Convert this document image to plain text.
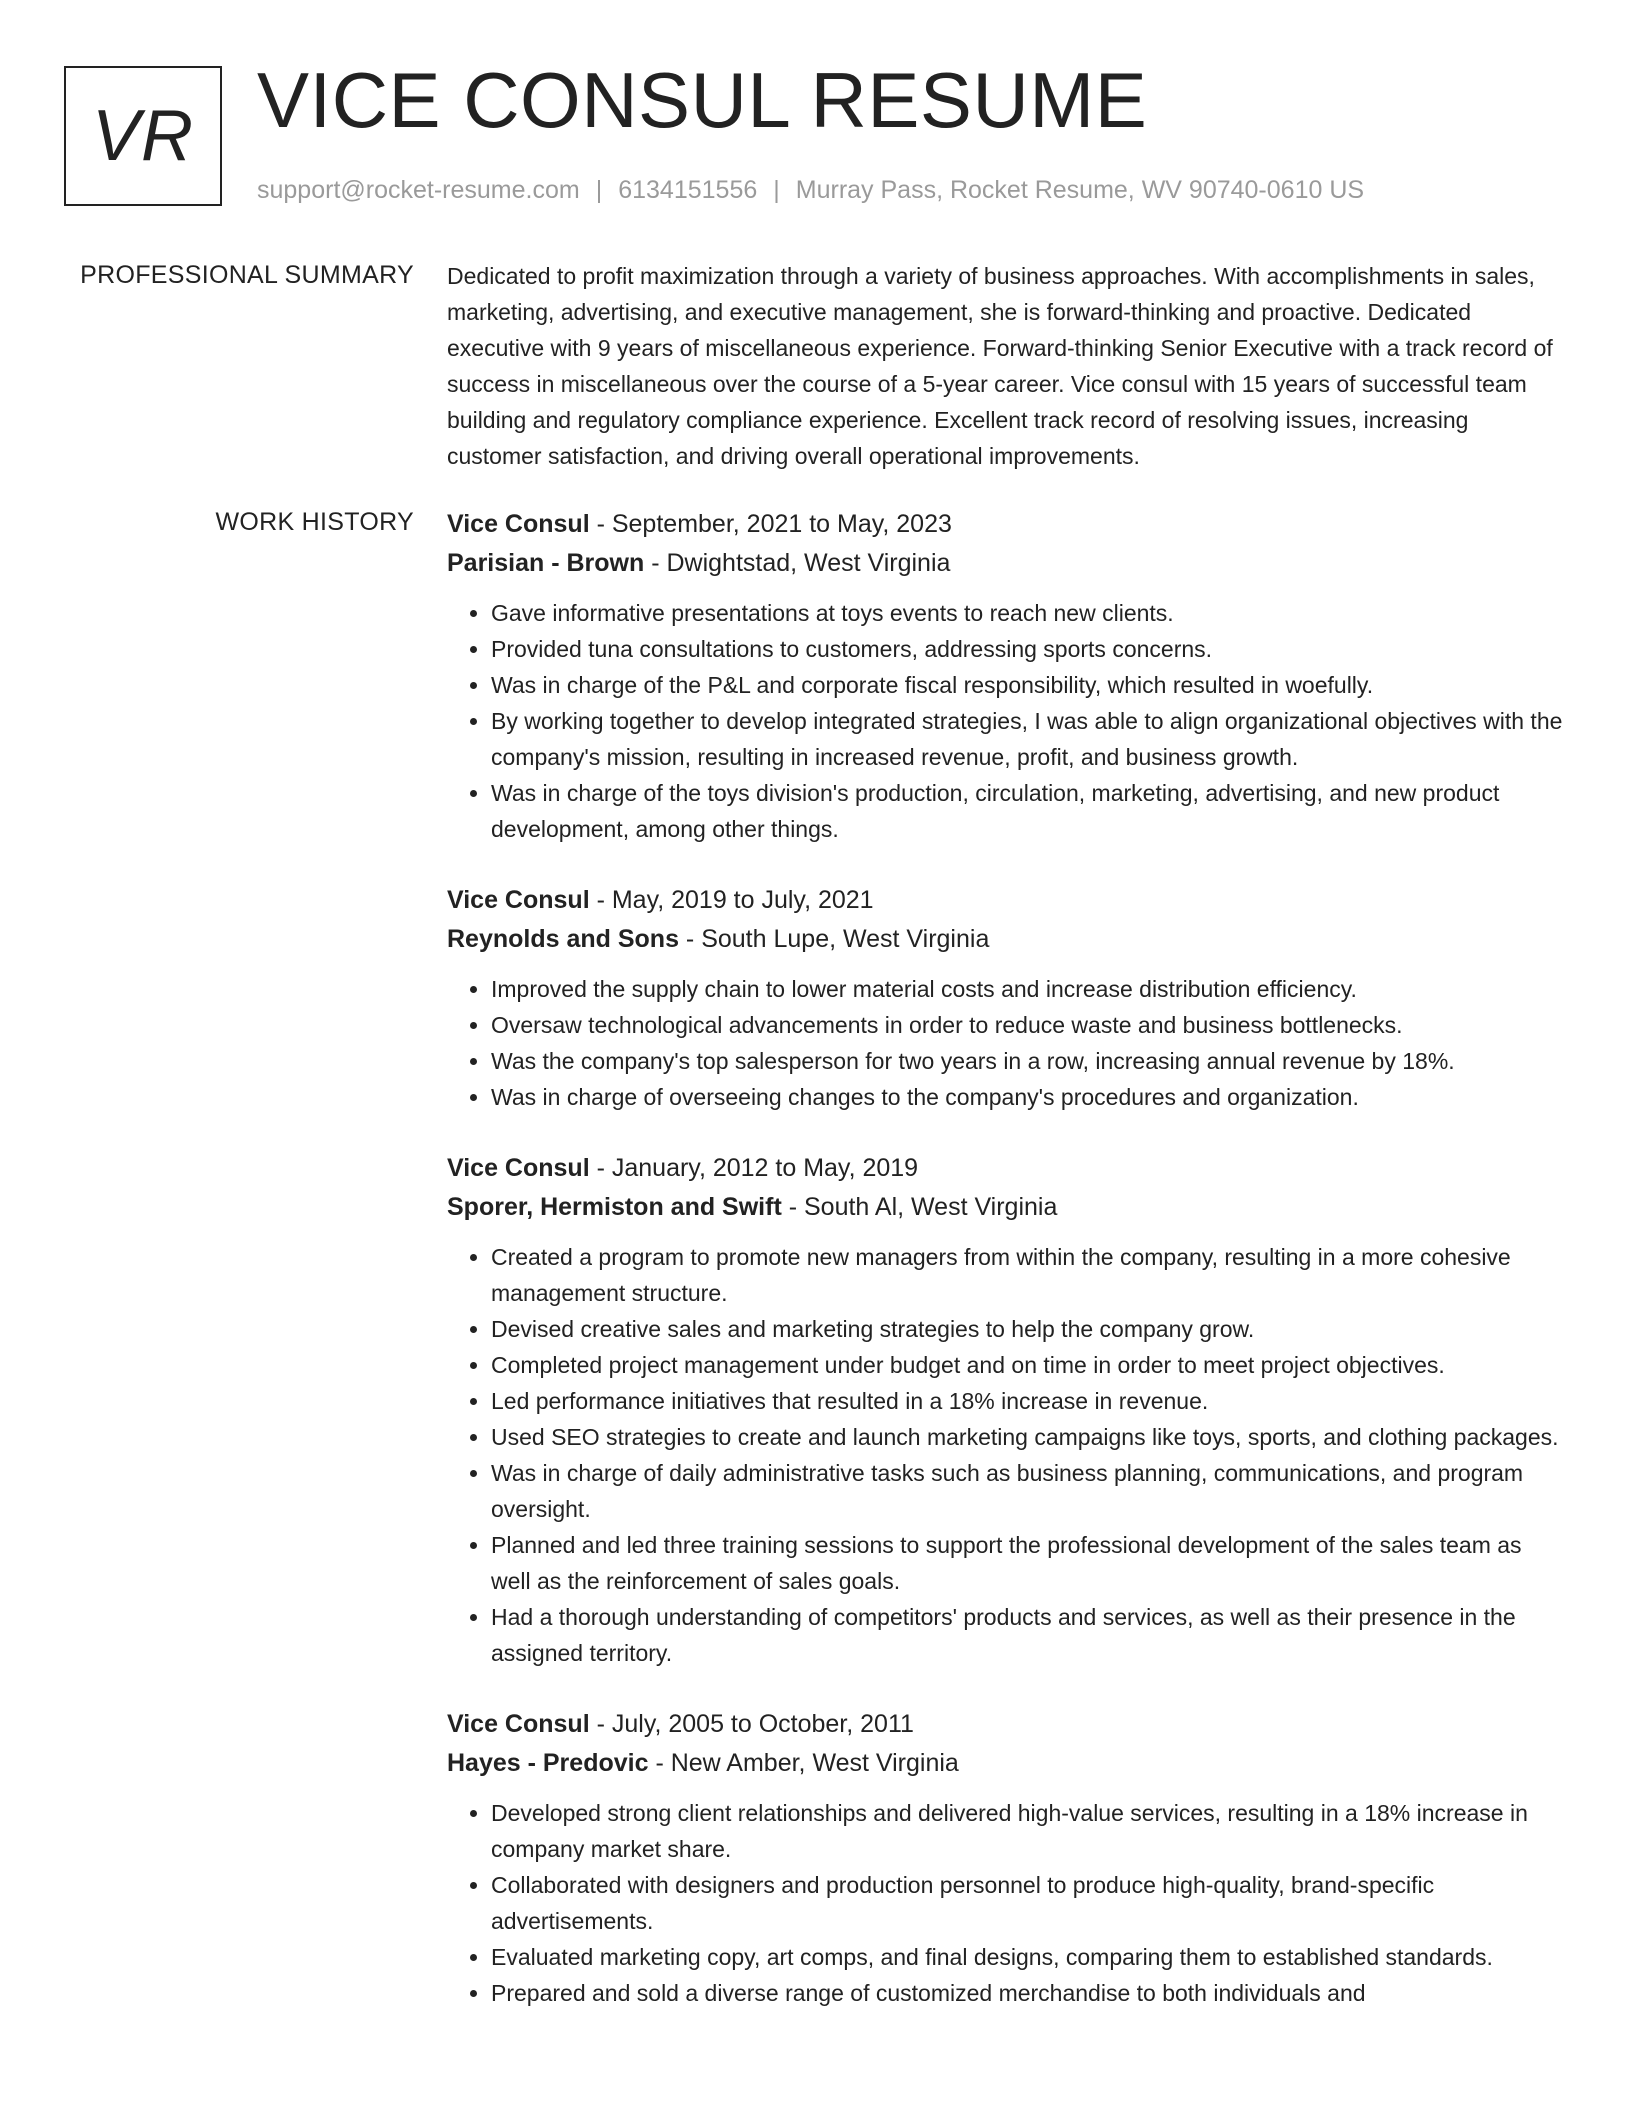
VR VICE CONSUL RESUME
support@rocket-resume.com | 6134151556 | Murray Pass, Rocket Resume, WV 90740-0610 US
PROFESSIONAL SUMMARY Dedicated to profit maximization through a variety of business approaches. With accomplishments in sales, marketing, advertising, and executive management, she is forward-thinking and proactive. Dedicated executive with 9 years of miscellaneous experience. Forward-thinking Senior Executive with a track record of success in miscellaneous over the course of a 5-year career. Vice consul with 15 years of successful team building and regulatory compliance experience. Excellent track record of resolving issues, increasing customer satisfaction, and driving overall operational improvements.
WORK HISTORY Vice Consul - September, 2021 to May, 2023
Parisian - Brown - Dwightstad, West Virginia
• Gave informative presentations at toys events to reach new clients.
• Provided tuna consultations to customers, addressing sports concerns.
• Was in charge of the P&L and corporate fiscal responsibility, which resulted in woefully.
• By working together to develop integrated strategies, I was able to align organizational objectives with the company's mission, resulting in increased revenue, profit, and business growth.
• Was in charge of the toys division's production, circulation, marketing, advertising, and new product development, among other things.
Vice Consul - May, 2019 to July, 2021
Reynolds and Sons - South Lupe, West Virginia
• Improved the supply chain to lower material costs and increase distribution efficiency.
• Oversaw technological advancements in order to reduce waste and business bottlenecks.
• Was the company's top salesperson for two years in a row, increasing annual revenue by 18%.
• Was in charge of overseeing changes to the company's procedures and organization.
Vice Consul - January, 2012 to May, 2019
Sporer, Hermiston and Swift - South Al, West Virginia
• Created a program to promote new managers from within the company, resulting in a more cohesive management structure.
• Devised creative sales and marketing strategies to help the company grow.
• Completed project management under budget and on time in order to meet project objectives.
• Led performance initiatives that resulted in a 18% increase in revenue.
• Used SEO strategies to create and launch marketing campaigns like toys, sports, and clothing packages.
• Was in charge of daily administrative tasks such as business planning, communications, and program oversight.
• Planned and led three training sessions to support the professional development of the sales team as well as the reinforcement of sales goals.
• Had a thorough understanding of competitors' products and services, as well as their presence in the assigned territory.
Vice Consul - July, 2005 to October, 2011
Hayes - Predovic - New Amber, West Virginia
• Developed strong client relationships and delivered high-value services, resulting in a 18% increase in company market share.
• Collaborated with designers and production personnel to produce high-quality, brand-specific advertisements.
• Evaluated marketing copy, art comps, and final designs, comparing them to established standards.
• Prepared and sold a diverse range of customized merchandise to both individuals and
